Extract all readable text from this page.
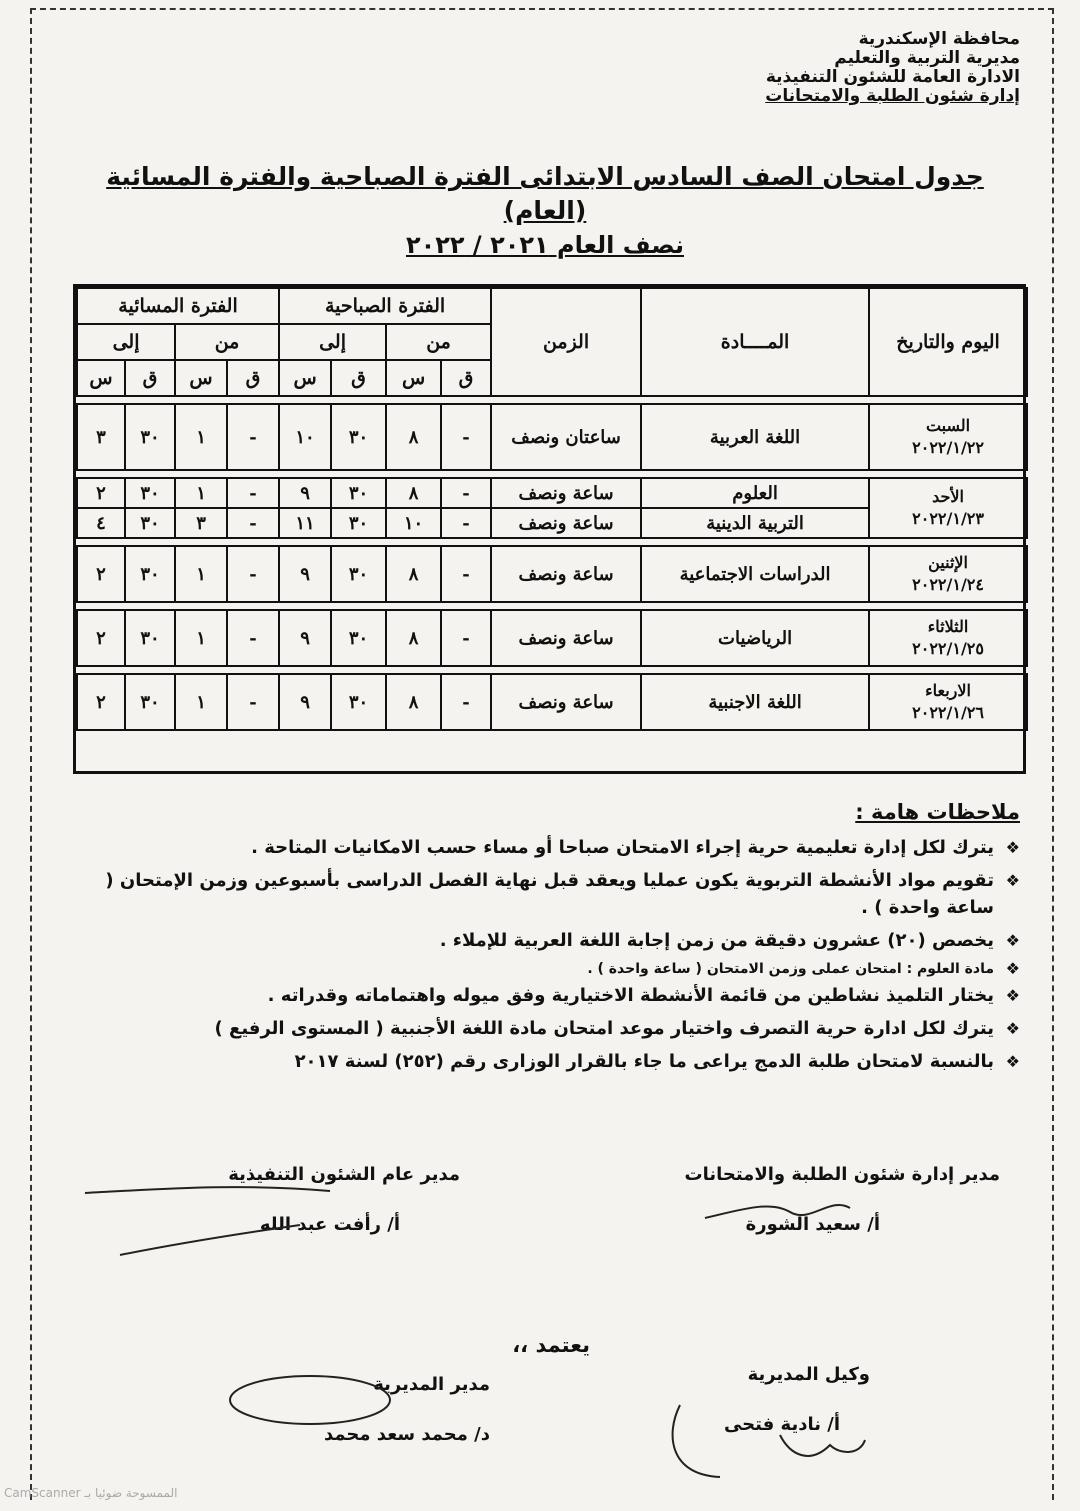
محافظة الإسكندرية
مديرية التربية والتعليم
الادارة العامة للشئون التنفيذية
إدارة شئون الطلبة والامتحانات
جدول امتحان الصف السادس الابتدائى الفترة الصباحية والفترة المسائية (العام)
نصف العام ٢٠٢١ / ٢٠٢٢
اليوم والتاريخ	المــــادة	الزمن	الفترة الصباحية				الفترة المسائية			
			من		إلى		من		إلى	
			ق	س	ق	س	ق	س	ق	س

السبت
٢٠٢٢/١/٢٢	اللغة العربية	ساعتان ونصف	-	٨	٣٠	١٠	-	١	٣٠	٣

الأحد
٢٠٢٢/١/٢٣	العلوم	ساعة ونصف	-	٨	٣٠	٩	-	١	٣٠	٢
	التربية الدينية	ساعة ونصف	-	١٠	٣٠	١١	-	٣	٣٠	٤

الإثنين
٢٠٢٢/١/٢٤	الدراسات الاجتماعية	ساعة ونصف	-	٨	٣٠	٩	-	١	٣٠	٢

الثلاثاء
٢٠٢٢/١/٢٥	الرياضيات	ساعة ونصف	-	٨	٣٠	٩	-	١	٣٠	٢

الاربعاء
٢٠٢٢/١/٢٦	اللغة الاجنبية	ساعة ونصف	-	٨	٣٠	٩	-	١	٣٠	٢
ملاحظات هامة :
❖
يترك لكل إدارة تعليمية حرية إجراء الامتحان صباحا أو مساء حسب الامكانيات المتاحة .
❖
تقويم مواد الأنشطة التربوية يكون عمليا ويعقد قبل نهاية الفصل الدراسى بأسبوعين وزمن الإمتحان ( ساعة واحدة ) .
❖
يخصص (٢٠) عشرون دقيقة من زمن إجابة اللغة العربية للإملاء .
❖
مادة العلوم : امتحان عملى وزمن الامتحان ( ساعة واحدة ) .
❖
يختار التلميذ نشاطين من قائمة الأنشطة الاختيارية وفق ميوله واهتماماته وقدراته .
❖
يترك لكل ادارة حرية التصرف واختيار موعد امتحان مادة اللغة الأجنبية ( المستوى الرفيع )
❖
بالنسبة لامتحان طلبة الدمج يراعى ما جاء بالقرار الوزارى رقم (٢٥٢) لسنة ٢٠١٧
مدير إدارة شئون الطلبة والامتحانات
أ/ سعيد الشورة
مدير عام الشئون التنفيذية
أ/ رأفت عبد الله
يعتمد ،،
وكيل المديرية
أ/ نادية فتحى
مدير المديرية
د/ محمد سعد محمد
CamScanner الممسوحة ضوئيا بـ
